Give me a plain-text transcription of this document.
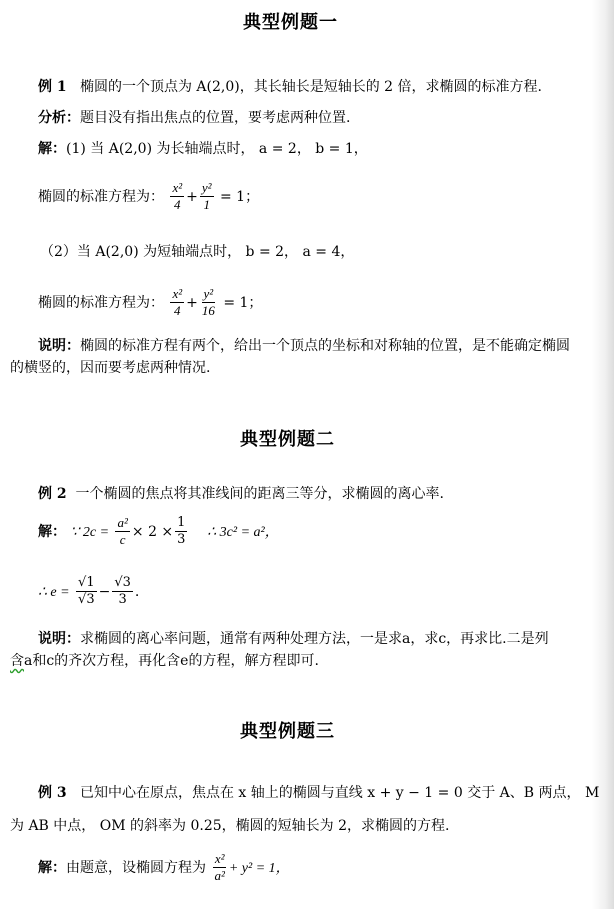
典型例题一
例 1 椭圆的一个顶点为 A(2,0)，其长轴长是短轴长的 2 倍，求椭圆的标准方程.
分析：题目没有指出焦点的位置，要考虑两种位置.
解：(1) 当 A(2,0) 为长轴端点时， a = 2， b = 1，
椭圆的标准方程为： $\frac{\text{x²}}{4} + \frac{\text{y²}}{1} = 1$；
（2）当 A(2,0) 为短轴端点时， b = 2， a = 4，
椭圆的标准方程为： $\frac{\text{x²}}{4} + \frac{\text{y²}}{16} = 1$；
说明：椭圆的标准方程有两个，给出一个顶点的坐标和对称轴的位置，是不能确定椭圆
的横竖的，因而要考虑两种情况.
典型例题二
例 2 一个椭圆的焦点将其准线间的距离三等分，求椭圆的离心率.
解： ∵ $2c = \frac{\text{a²}}{c} \times 2 \times \frac{1}{3}$ ∴ 3c² = a²，
∴ $e = \frac{√1}{√3} - \frac{√3}{3}$ .
说明：求椭圆的离心率问题，通常有两种处理方法，一是求a，求c，再求比.二是列
含a和c的齐次方程，再化含e的方程，解方程即可.
典型例题三
例 3 已知中心在原点，焦点在 x 轴上的椭圆与直线 x + y − 1 = 0 交于 A、B 两点， M
为 AB 中点， OM 的斜率为 0.25，椭圆的短轴长为 2，求椭圆的方程.
解：由题意，设椭圆方程为 $\frac{\text{x²}}{\text{a²}} + y^2 = 1$，
